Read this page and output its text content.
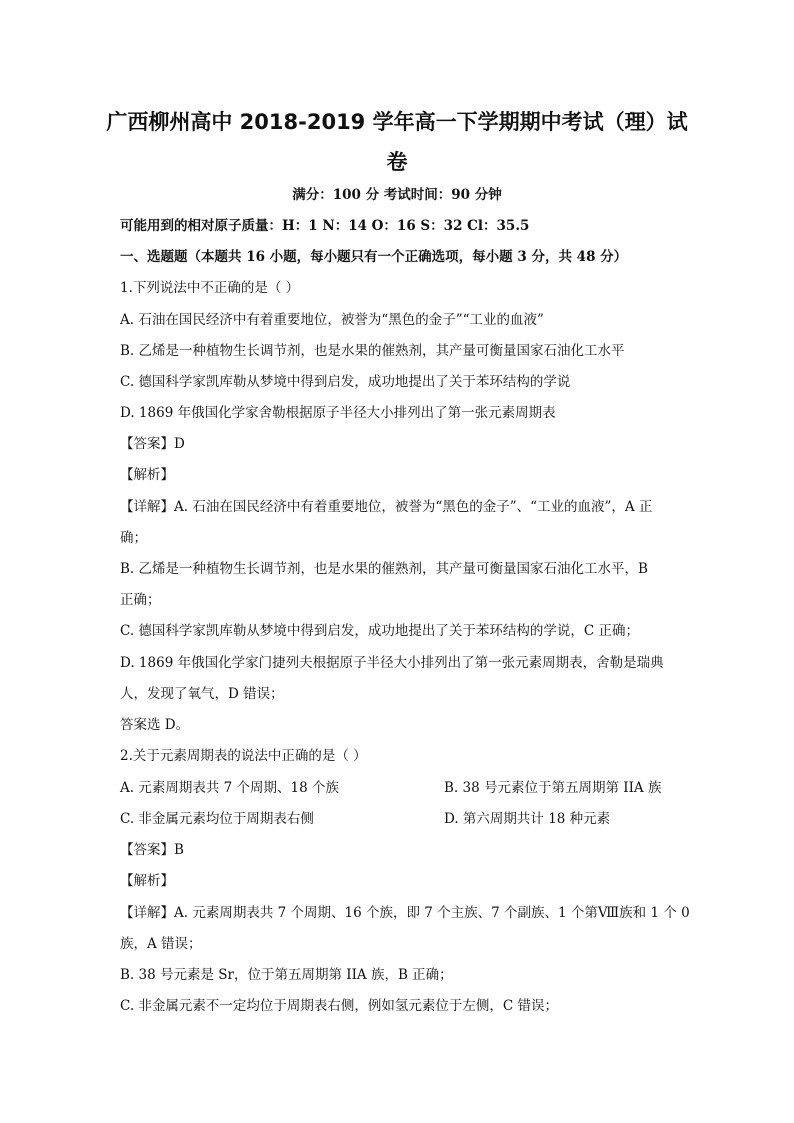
广西柳州高中 2018-2019 学年高一下学期期中考试（理）试
卷
满分：100 分 考试时间：90 分钟
可能用到的相对原子质量：H：1 N：14 O：16 S：32 Cl：35.5
一、选题题（本题共 16 小题，每小题只有一个正确选项，每小题 3 分，共 48 分）
1.下列说法中不正确的是（ ）
A. 石油在国民经济中有着重要地位，被誉为“黑色的金子”“工业的血液”
B. 乙烯是一种植物生长调节剂，也是水果的催熟剂，其产量可衡量国家石油化工水平
C. 德国科学家凯库勒从梦境中得到启发，成功地提出了关于苯环结构的学说
D. 1869 年俄国化学家舍勒根据原子半径大小排列出了第一张元素周期表
【答案】D
【解析】
【详解】A. 石油在国民经济中有着重要地位，被誉为“黑色的金子”、“工业的血液”，A 正
确；
B. 乙烯是一种植物生长调节剂，也是水果的催熟剂，其产量可衡量国家石油化工水平，B
正确；
C. 德国科学家凯库勒从梦境中得到启发，成功地提出了关于苯环结构的学说，C 正确；
D. 1869 年俄国化学家门捷列夫根据原子半径大小排列出了第一张元素周期表，舍勒是瑞典
人，发现了氧气，D 错误；
答案选 D。
2.关于元素周期表的说法中正确的是（ ）
A. 元素周期表共 7 个周期、18 个族	B. 38 号元素位于第五周期第 IIA 族
C. 非金属元素均位于周期表右侧	D. 第六周期共计 18 种元素
【答案】B
【解析】
【详解】A. 元素周期表共 7 个周期、16 个族，即 7 个主族、7 个副族、1 个第Ⅷ族和 1 个 0
族，A 错误；
B. 38 号元素是 Sr，位于第五周期第 IIA 族，B 正确；
C. 非金属元素不一定均位于周期表右侧，例如氢元素位于左侧，C 错误；
